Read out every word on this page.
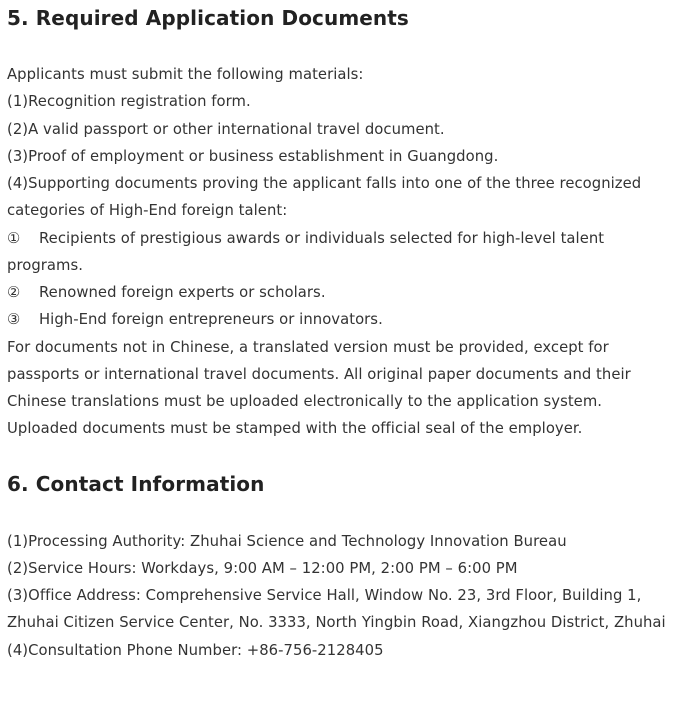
5. Required Application Documents
Applicants must submit the following materials:
(1)Recognition registration form.
(2)A valid passport or other international travel document.
(3)Proof of employment or business establishment in Guangdong.
(4)Supporting documents proving the applicant falls into one of the three recognized categories of High-End foreign talent:
① Recipients of prestigious awards or individuals selected for high-level talent programs.
② Renowned foreign experts or scholars.
③ High-End foreign entrepreneurs or innovators.
For documents not in Chinese, a translated version must be provided, except for passports or international travel documents. All original paper documents and their Chinese translations must be uploaded electronically to the application system. Uploaded documents must be stamped with the official seal of the employer.
6. Contact Information
(1)Processing Authority: Zhuhai Science and Technology Innovation Bureau
(2)Service Hours: Workdays, 9:00 AM – 12:00 PM, 2:00 PM – 6:00 PM
(3)Office Address: Comprehensive Service Hall, Window No. 23, 3rd Floor, Building 1, Zhuhai Citizen Service Center, No. 3333, North Yingbin Road, Xiangzhou District, Zhuhai
(4)Consultation Phone Number: +86-756-2128405
